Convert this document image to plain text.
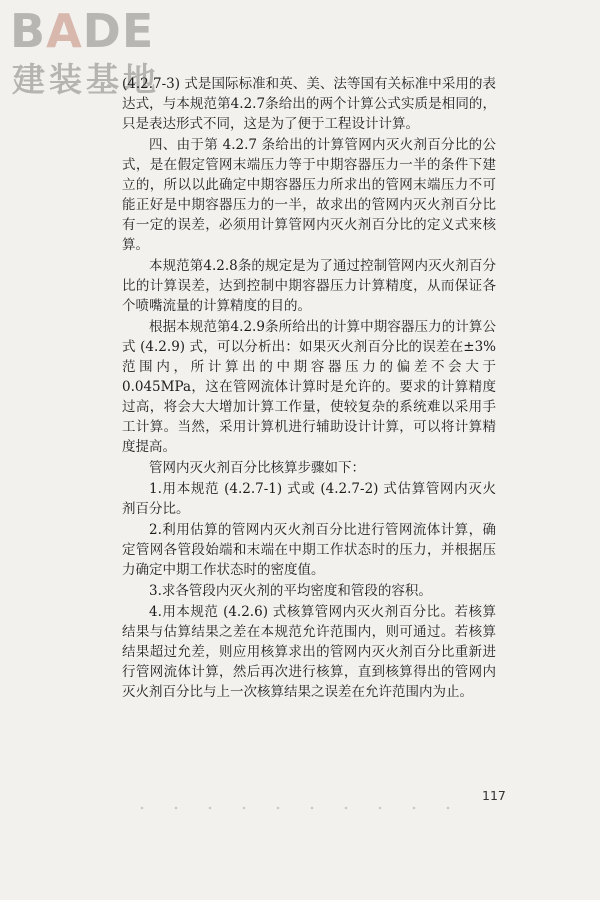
BADE
建装基地

(4.2.7-3) 式是国际标准和英、美、法等国有关标准中采用的表达式，与本规范第4.2.7条给出的两个计算公式实质是相同的，只是表达形式不同，这是为了便于工程设计计算。

四、由于第 4.2.7 条给出的计算管网内灭火剂百分比的公式，是在假定管网末端压力等于中期容器压力一半的条件下建立的，所以以此确定中期容器压力所求出的管网末端压力不可能正好是中期容器压力的一半，故求出的管网内灭火剂百分比有一定的误差，必须用计算管网内灭火剂百分比的定义式来核算。

本规范第4.2.8条的规定是为了通过控制管网内灭火剂百分比的计算误差，达到控制中期容器压力计算精度，从而保证各个喷嘴流量的计算精度的目的。

根据本规范第4.2.9条所给出的计算中期容器压力的计算公式 (4.2.9) 式，可以分析出：如果灭火剂百分比的误差在±3%范围内，所计算出的中期容器压力的偏差不会大于 0.045MPa，这在管网流体计算时是允许的。要求的计算精度过高，将会大大增加计算工作量，使较复杂的系统难以采用手工计算。当然，采用计算机进行辅助设计计算，可以将计算精度提高。

管网内灭火剂百分比核算步骤如下：

1.用本规范 (4.2.7-1) 式或 (4.2.7-2) 式估算管网内灭火剂百分比。

2.利用估算的管网内灭火剂百分比进行管网流体计算，确定管网各管段始端和末端在中期工作状态时的压力，并根据压力确定中期工作状态时的密度值。

3.求各管段内灭火剂的平均密度和管段的容积。

4.用本规范 (4.2.6) 式核算管网内灭火剂百分比。若核算结果与估算结果之差在本规范允许范围内，则可通过。若核算结果超过允差，则应用核算求出的管网内灭火剂百分比重新进行管网流体计算，然后再次进行核算，直到核算得出的管网内灭火剂百分比与上一次核算结果之误差在允许范围内为止。

117
